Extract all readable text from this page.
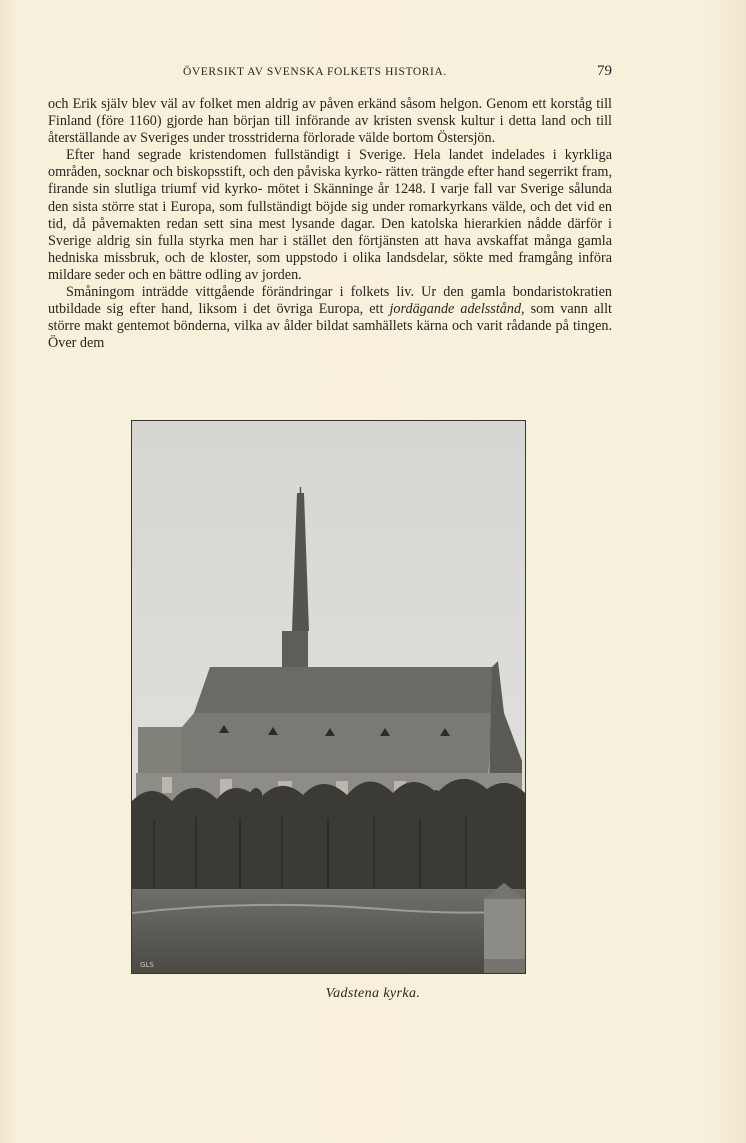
ÖVERSIKT AV SVENSKA FOLKETS HISTORIA.	79

och Erik själv blev väl av folket men aldrig av påven erkänd såsom helgon. Genom ett korståg till Finland (före 1160) gjorde han början till införande av kristen svensk kultur i detta land och till återställande av Sveriges under trosstriderna förlorade välde bortom Östersjön.

Efter hand segrade kristendomen fullständigt i Sverige. Hela landet indelades i kyrkliga områden, socknar och biskopsstift, och den påviska kyrko- rätten trängde efter hand segerrikt fram, firande sin slutliga triumf vid kyrko- mötet i Skänninge år 1248. I varje fall var Sverige sålunda den sista större stat i Europa, som fullständigt böjde sig under romarkyrkans välde, och det vid en tid, då påvemakten redan sett sina mest lysande dagar. Den katolska hierarkien nådde därför i Sverige aldrig sin fulla styrka men har i stället den förtjänsten att hava avskaffat många gamla hedniska missbruk, och de kloster, som uppstodo i olika landsdelar, sökte med framgång införa mildare seder och en bättre odling av jorden.

Småningom inträdde vittgående förändringar i folkets liv. Ur den gamla bondaristokratien utbildade sig efter hand, liksom i det övriga Europa, ett jordägande adelsstånd, som vann allt större makt gentemot bönderna, vilka av ålder bildat samhällets kärna och varit rådande på tingen. Över dem

GLS
Vadstena kyrka.
